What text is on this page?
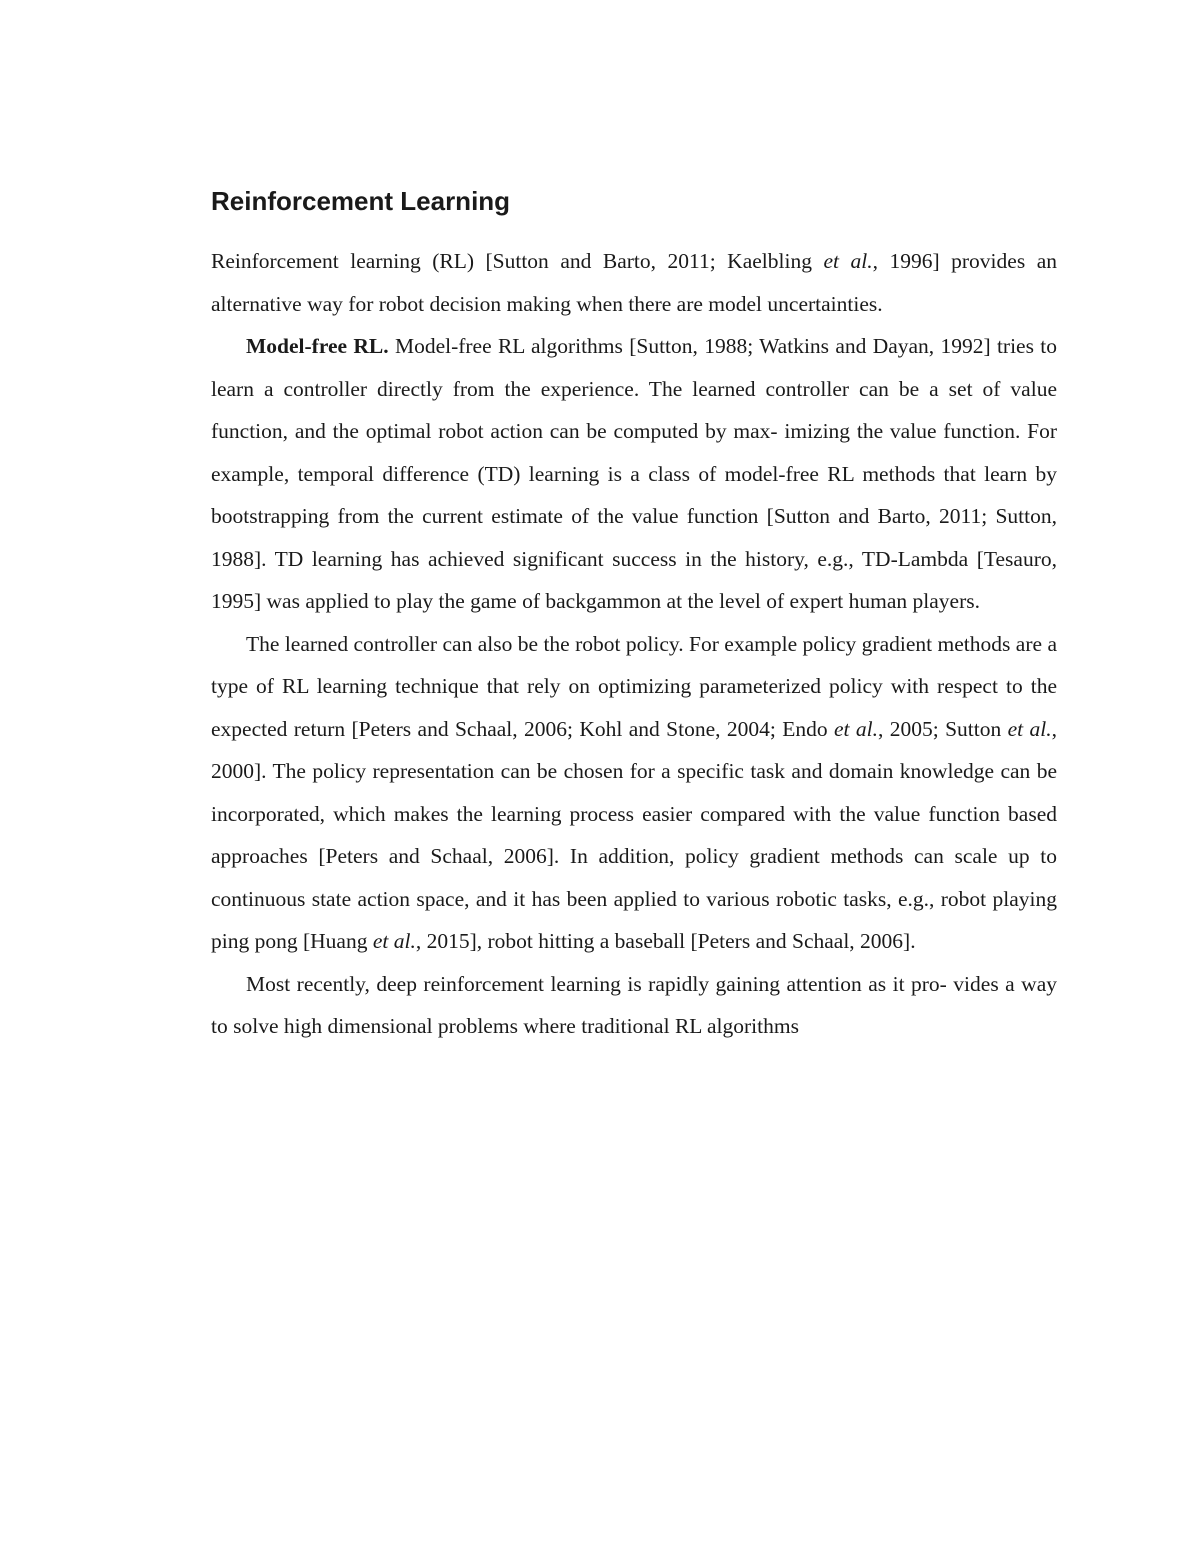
Reinforcement Learning

Reinforcement learning (RL) [Sutton and Barto, 2011; Kaelbling et al., 1996] provides an alternative way for robot decision making when there are model uncertainties.

Model-free RL. Model-free RL algorithms [Sutton, 1988; Watkins and Dayan, 1992] tries to learn a controller directly from the experience. The learned controller can be a set of value function, and the optimal robot action can be computed by max- imizing the value function. For example, temporal difference (TD) learning is a class of model-free RL methods that learn by bootstrapping from the current estimate of the value function [Sutton and Barto, 2011; Sutton, 1988]. TD learning has achieved significant success in the history, e.g., TD-Lambda [Tesauro, 1995] was applied to play the game of backgammon at the level of expert human players.

The learned controller can also be the robot policy. For example policy gradient methods are a type of RL learning technique that rely on optimizing parameterized policy with respect to the expected return [Peters and Schaal, 2006; Kohl and Stone, 2004; Endo et al., 2005; Sutton et al., 2000]. The policy representation can be chosen for a specific task and domain knowledge can be incorporated, which makes the learning process easier compared with the value function based approaches [Peters and Schaal, 2006]. In addition, policy gradient methods can scale up to continuous state action space, and it has been applied to various robotic tasks, e.g., robot playing ping pong [Huang et al., 2015], robot hitting a baseball [Peters and Schaal, 2006].

Most recently, deep reinforcement learning is rapidly gaining attention as it pro- vides a way to solve high dimensional problems where traditional RL algorithms
